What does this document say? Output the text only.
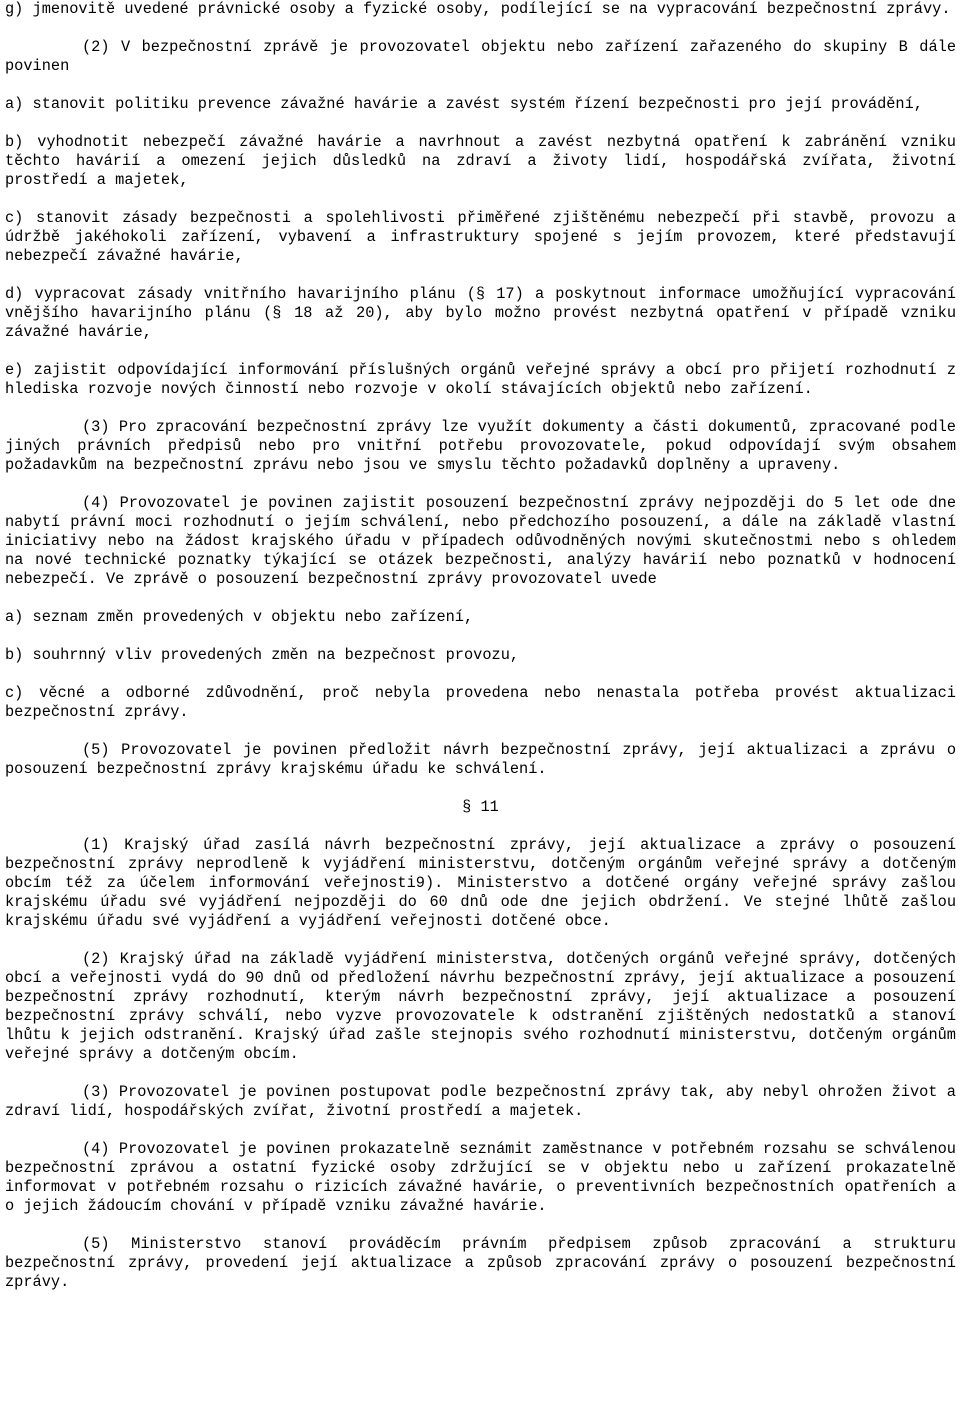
g) jmenovitě uvedené právnické osoby a fyzické osoby, podílející se na vypracování bezpečnostní zprávy.

(2) V bezpečnostní zprávě je provozovatel objektu nebo zařízení zařazeného do skupiny B dále povinen

a) stanovit politiku prevence závažné havárie a zavést systém řízení bezpečnosti pro její provádění,

b) vyhodnotit nebezpečí závažné havárie a navrhnout a zavést nezbytná opatření k zabránění vzniku těchto havárií a omezení jejich důsledků na zdraví a životy lidí, hospodářská zvířata, životní prostředí a majetek,

c) stanovit zásady bezpečnosti a spolehlivosti přiměřené zjištěnému nebezpečí při stavbě, provozu a údržbě jakéhokoli zařízení, vybavení a infrastruktury spojené s jejím provozem, které představují nebezpečí závažné havárie,

d) vypracovat zásady vnitřního havarijního plánu (§ 17) a poskytnout informace umožňující vypracování vnějšího havarijního plánu (§ 18 až 20), aby bylo možno provést nezbytná opatření v případě vzniku závažné havárie,

e) zajistit odpovídající informování příslušných orgánů veřejné správy a obcí pro přijetí rozhodnutí z hlediska rozvoje nových činností nebo rozvoje v okolí stávajících objektů nebo zařízení.

(3) Pro zpracování bezpečnostní zprávy lze využít dokumenty a části dokumentů, zpracované podle jiných právních předpisů nebo pro vnitřní potřebu provozovatele, pokud odpovídají svým obsahem požadavkům na bezpečnostní zprávu nebo jsou ve smyslu těchto požadavků doplněny a upraveny.

(4) Provozovatel je povinen zajistit posouzení bezpečnostní zprávy nejpozději do 5 let ode dne nabytí právní moci rozhodnutí o jejím schválení, nebo předchozího posouzení, a dále na základě vlastní iniciativy nebo na žádost krajského úřadu v případech odůvodněných novými skutečnostmi nebo s ohledem na nové technické poznatky týkající se otázek bezpečnosti, analýzy havárií nebo poznatků v hodnocení nebezpečí. Ve zprávě o posouzení bezpečnostní zprávy provozovatel uvede

a) seznam změn provedených v objektu nebo zařízení,

b) souhrnný vliv provedených změn na bezpečnost provozu,

c) věcné a odborné zdůvodnění, proč nebyla provedena nebo nenastala potřeba provést aktualizaci bezpečnostní zprávy.

(5) Provozovatel je povinen předložit návrh bezpečnostní zprávy, její aktualizaci a zprávu o posouzení bezpečnostní zprávy krajskému úřadu ke schválení.

§ 11

(1) Krajský úřad zasílá návrh bezpečnostní zprávy, její aktualizace a zprávy o posouzení bezpečnostní zprávy neprodleně k vyjádření ministerstvu, dotčeným orgánům veřejné správy a dotčeným obcím též za účelem informování veřejnosti9). Ministerstvo a dotčené orgány veřejné správy zašlou krajskému úřadu své vyjádření nejpozději do 60 dnů ode dne jejich obdržení. Ve stejné lhůtě zašlou krajskému úřadu své vyjádření a vyjádření veřejnosti dotčené obce.

(2) Krajský úřad na základě vyjádření ministerstva, dotčených orgánů veřejné správy, dotčených obcí a veřejnosti vydá do 90 dnů od předložení návrhu bezpečnostní zprávy, její aktualizace a posouzení bezpečnostní zprávy rozhodnutí, kterým návrh bezpečnostní zprávy, její aktualizace a posouzení bezpečnostní zprávy schválí, nebo vyzve provozovatele k odstranění zjištěných nedostatků a stanoví lhůtu k jejich odstranění. Krajský úřad zašle stejnopis svého rozhodnutí ministerstvu, dotčeným orgánům veřejné správy a dotčeným obcím.

(3) Provozovatel je povinen postupovat podle bezpečnostní zprávy tak, aby nebyl ohrožen život a zdraví lidí, hospodářských zvířat, životní prostředí a majetek.

(4) Provozovatel je povinen prokazatelně seznámit zaměstnance v potřebném rozsahu se schválenou bezpečnostní zprávou a ostatní fyzické osoby zdržující se v objektu nebo u zařízení prokazatelně informovat v potřebném rozsahu o rizicích závažné havárie, o preventivních bezpečnostních opatřeních a o jejich žádoucím chování v případě vzniku závažné havárie.

(5) Ministerstvo stanoví prováděcím právním předpisem způsob zpracování a strukturu bezpečnostní zprávy, provedení její aktualizace a způsob zpracování zprávy o posouzení bezpečnostní zprávy.
